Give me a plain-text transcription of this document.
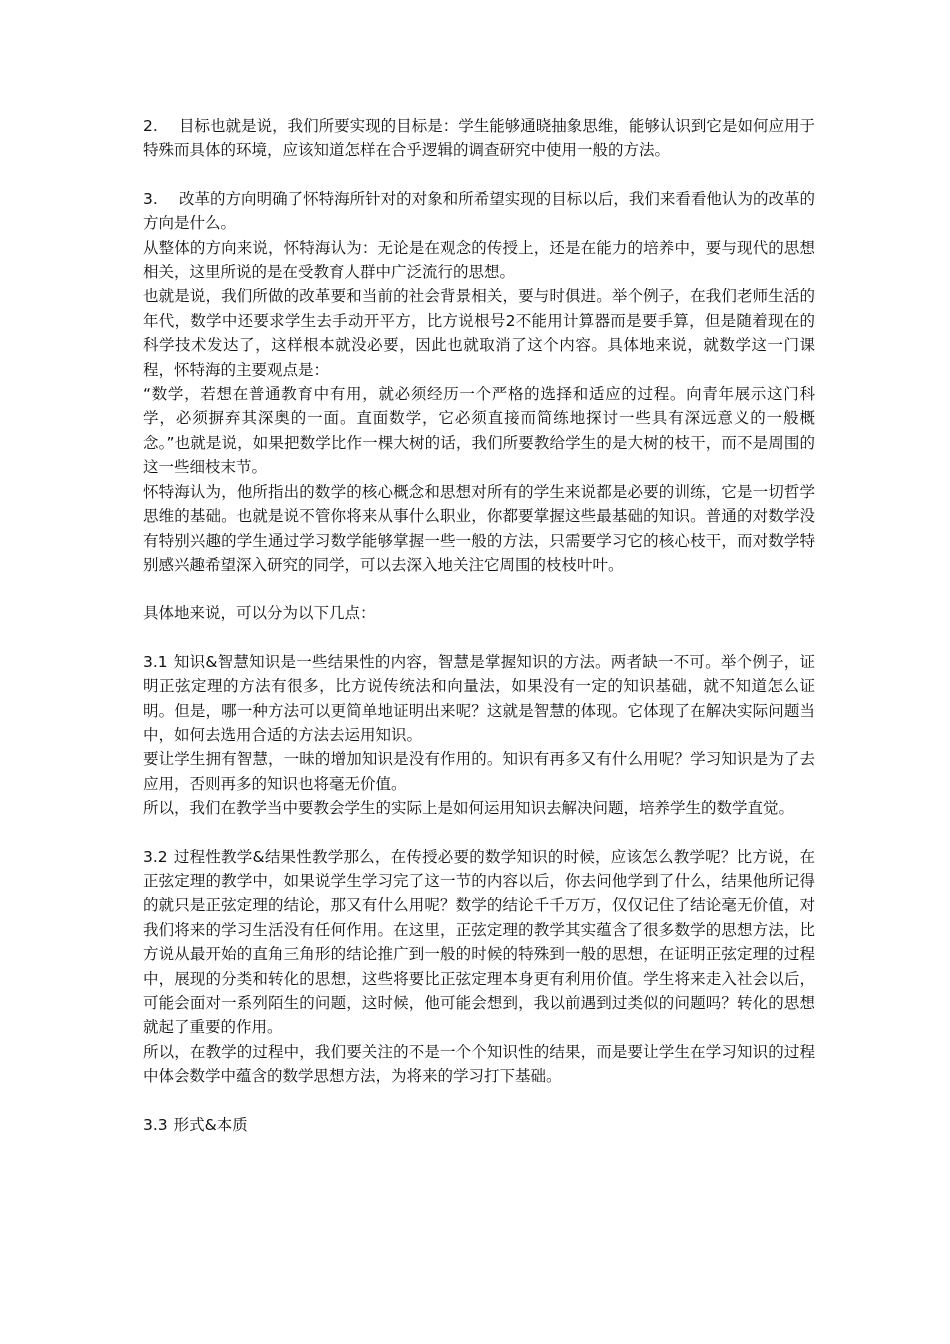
2. 目标也就是说，我们所要实现的目标是：学生能够通晓抽象思维，能够认识到它是如何应用于特殊而具体的环境，应该知道怎样在合乎逻辑的调查研究中使用一般的方法。

3. 改革的方向明确了怀特海所针对的对象和所希望实现的目标以后，我们来看看他认为的改革的方向是什么。

从整体的方向来说，怀特海认为：无论是在观念的传授上，还是在能力的培养中，要与现代的思想相关，这里所说的是在受教育人群中广泛流行的思想。

也就是说，我们所做的改革要和当前的社会背景相关，要与时俱进。举个例子，在我们老师生活的年代，数学中还要求学生去手动开平方，比方说根号2不能用计算器而是要手算，但是随着现在的科学技术发达了，这样根本就没必要，因此也就取消了这个内容。具体地来说，就数学这一门课程，怀特海的主要观点是：

“数学，若想在普通教育中有用，就必须经历一个严格的选择和适应的过程。向青年展示这门科学，必须摒弃其深奥的一面。直面数学，它必须直接而简练地探讨一些具有深远意义的一般概念。”也就是说，如果把数学比作一棵大树的话，我们所要教给学生的是大树的枝干，而不是周围的这一些细枝末节。

怀特海认为，他所指出的数学的核心概念和思想对所有的学生来说都是必要的训练，它是一切哲学思维的基础。也就是说不管你将来从事什么职业，你都要掌握这些最基础的知识。普通的对数学没有特别兴趣的学生通过学习数学能够掌握一些一般的方法，只需要学习它的核心枝干，而对数学特别感兴趣希望深入研究的同学，可以去深入地关注它周围的枝枝叶叶。

具体地来说，可以分为以下几点：

3.1 知识&智慧知识是一些结果性的内容，智慧是掌握知识的方法。两者缺一不可。举个例子，证明正弦定理的方法有很多，比方说传统法和向量法，如果没有一定的知识基础，就不知道怎么证明。但是，哪一种方法可以更简单地证明出来呢？这就是智慧的体现。它体现了在解决实际问题当中，如何去选用合适的方法去运用知识。

要让学生拥有智慧，一昧的增加知识是没有作用的。知识有再多又有什么用呢？学习知识是为了去应用，否则再多的知识也将毫无价值。

所以，我们在教学当中要教会学生的实际上是如何运用知识去解决问题，培养学生的数学直觉。

3.2 过程性教学&结果性教学那么，在传授必要的数学知识的时候，应该怎么教学呢？比方说，在正弦定理的教学中，如果说学生学习完了这一节的内容以后，你去问他学到了什么，结果他所记得的就只是正弦定理的结论，那又有什么用呢？数学的结论千千万万，仅仅记住了结论毫无价值，对我们将来的学习生活没有任何作用。在这里，正弦定理的教学其实蕴含了很多数学的思想方法，比方说从最开始的直角三角形的结论推广到一般的时候的特殊到一般的思想，在证明正弦定理的过程中，展现的分类和转化的思想，这些将要比正弦定理本身更有利用价值。学生将来走入社会以后，可能会面对一系列陌生的问题，这时候，他可能会想到，我以前遇到过类似的问题吗？转化的思想就起了重要的作用。

所以，在教学的过程中，我们要关注的不是一个个知识性的结果，而是要让学生在学习知识的过程中体会数学中蕴含的数学思想方法，为将来的学习打下基础。

3.3 形式&本质
